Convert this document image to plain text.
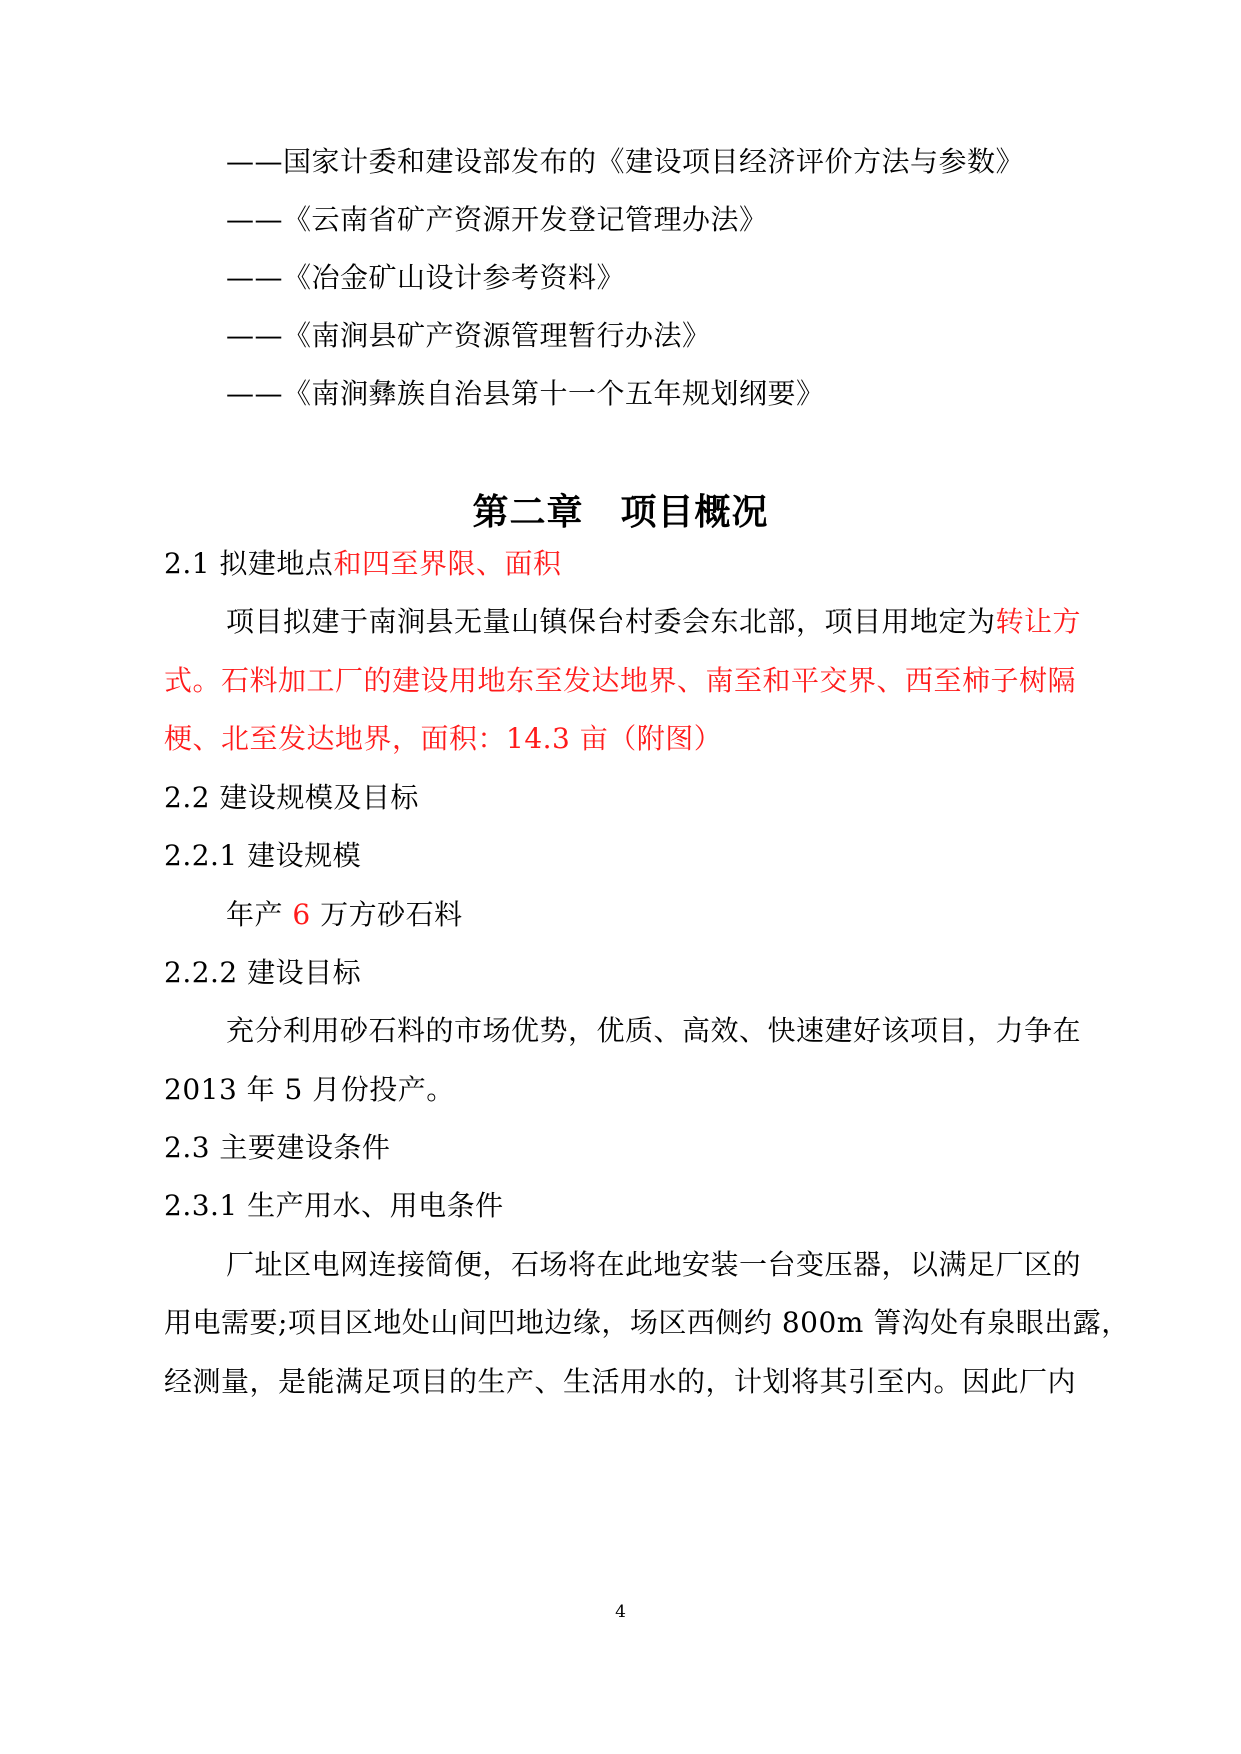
——国家计委和建设部发布的《建设项目经济评价方法与参数》
——《云南省矿产资源开发登记管理办法》
——《冶金矿山设计参考资料》
——《南涧县矿产资源管理暂行办法》
——《南涧彝族自治县第十一个五年规划纲要》
第二章　项目概况
2.1 拟建地点和四至界限、面积
项目拟建于南涧县无量山镇保台村委会东北部，项目用地定为转让方
式。石料加工厂的建设用地东至发达地界、南至和平交界、西至柿子树隔
梗、北至发达地界，面积：14.3 亩（附图）
2.2 建设规模及目标
2.2.1 建设规模
年产 6 万方砂石料
2.2.2 建设目标
充分利用砂石料的市场优势，优质、高效、快速建好该项目，力争在
2013 年 5 月份投产。
2.3 主要建设条件
2.3.1 生产用水、用电条件
厂址区电网连接简便，石场将在此地安装一台变压器，以满足厂区的
用电需要;项目区地处山间凹地边缘，场区西侧约 800m 箐沟处有泉眼出露，
经测量，是能满足项目的生产、生活用水的，计划将其引至内。因此厂内
4
